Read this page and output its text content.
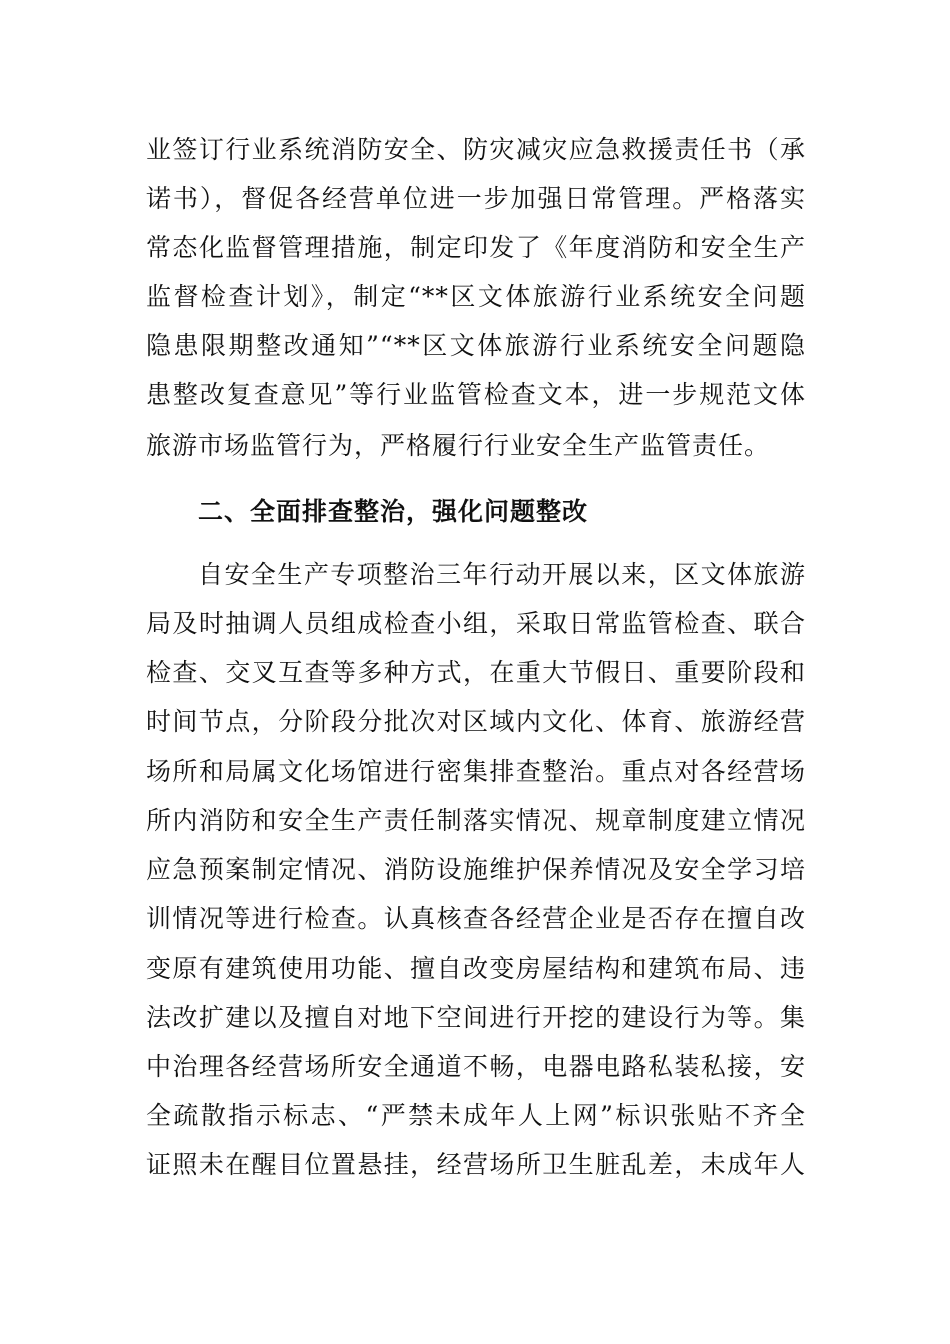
业签订行业系统消防安全、防灾减灾应急救援责任书（承
诺书），督促各经营单位进一步加强日常管理。严格落实
常态化监督管理措施，制定印发了《年度消防和安全生产
监督检查计划》，制定“**区文体旅游行业系统安全问题
隐患限期整改通知”“**区文体旅游行业系统安全问题隐
患整改复查意见”等行业监管检查文本，进一步规范文体
旅游市场监管行为，严格履行行业安全生产监管责任。
二、全面排查整治，强化问题整改
自安全生产专项整治三年行动开展以来，区文体旅游
局及时抽调人员组成检查小组，采取日常监管检查、联合
检查、交叉互查等多种方式，在重大节假日、重要阶段和
时间节点，分阶段分批次对区域内文化、体育、旅游经营
场所和局属文化场馆进行密集排查整治。重点对各经营场
所内消防和安全生产责任制落实情况、规章制度建立情况
应急预案制定情况、消防设施维护保养情况及安全学习培
训情况等进行检查。认真核查各经营企业是否存在擅自改
变原有建筑使用功能、擅自改变房屋结构和建筑布局、违
法改扩建以及擅自对地下空间进行开挖的建设行为等。集
中治理各经营场所安全通道不畅，电器电路私装私接，安
全疏散指示标志、“严禁未成年人上网”标识张贴不齐全
证照未在醒目位置悬挂，经营场所卫生脏乱差，未成年人
